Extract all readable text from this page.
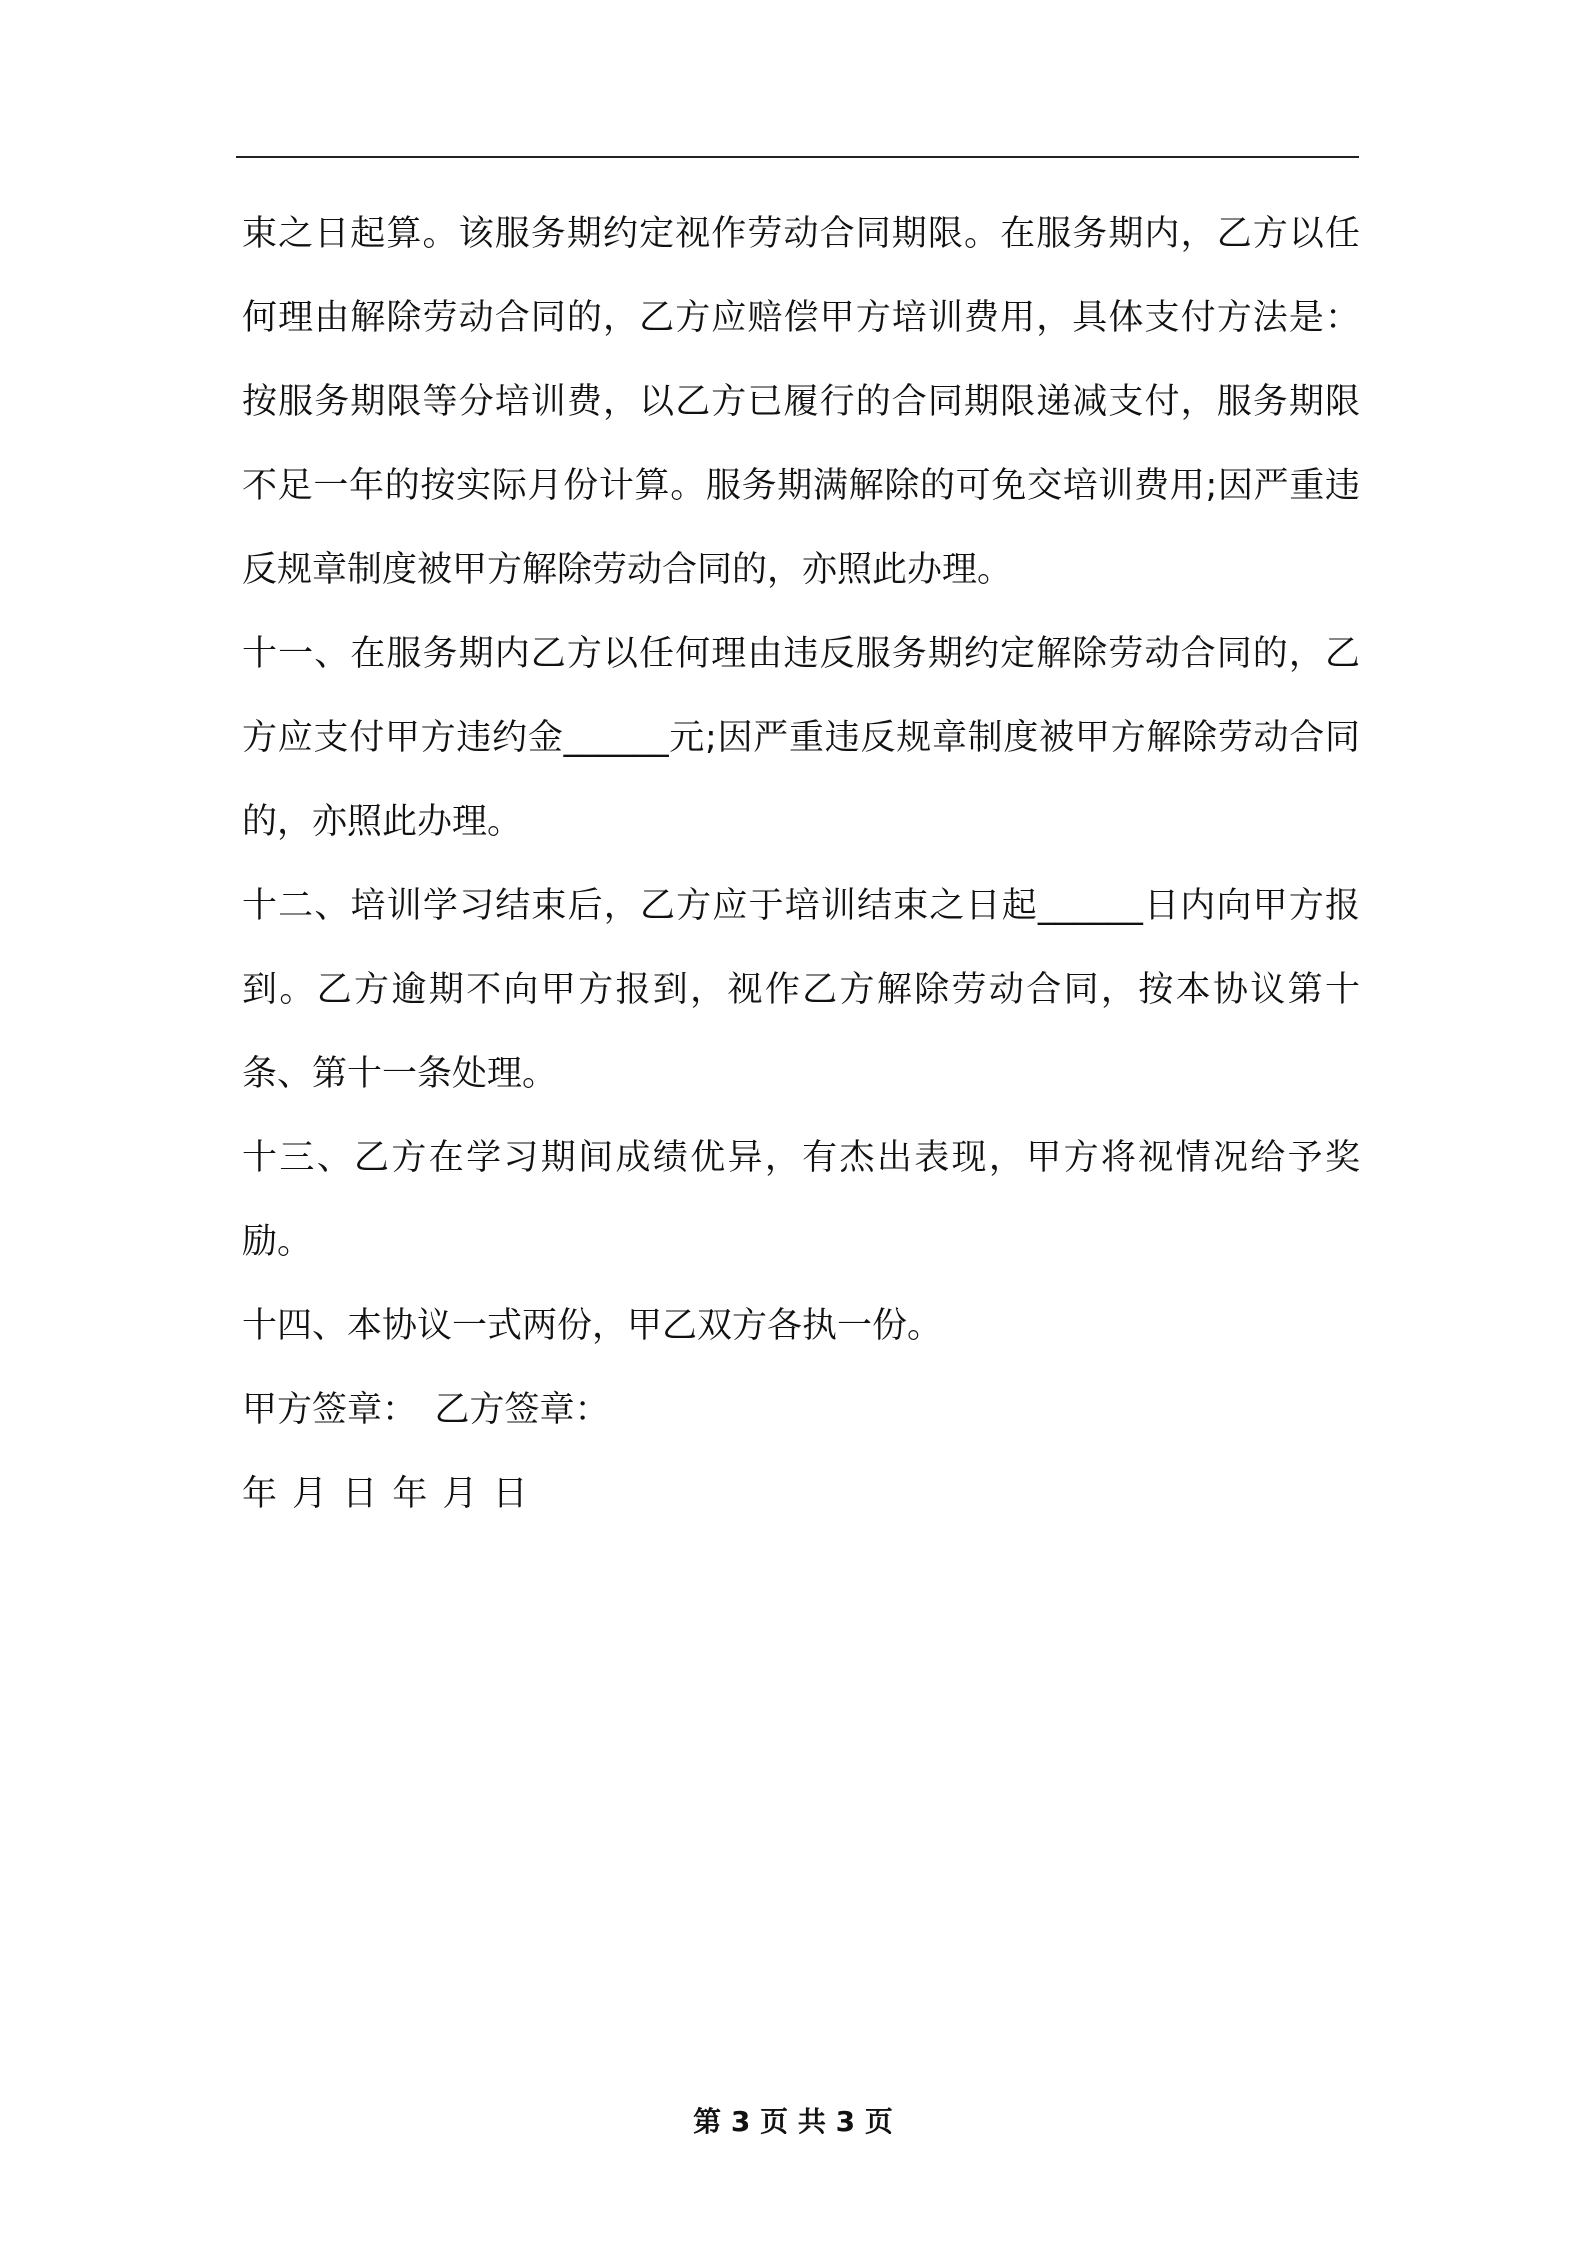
束之日起算。该服务期约定视作劳动合同期限。在服务期内，乙方以任何理由解除劳动合同的，乙方应赔偿甲方培训费用，具体支付方法是：按服务期限等分培训费，以乙方已履行的合同期限递减支付，服务期限不足一年的按实际月份计算。服务期满解除的可免交培训费用;因严重违反规章制度被甲方解除劳动合同的，亦照此办理。

十一、在服务期内乙方以任何理由违反服务期约定解除劳动合同的，乙方应支付甲方违约金______元;因严重违反规章制度被甲方解除劳动合同的，亦照此办理。

十二、培训学习结束后，乙方应于培训结束之日起______日内向甲方报到。乙方逾期不向甲方报到，视作乙方解除劳动合同，按本协议第十条、第十一条处理。

十三、乙方在学习期间成绩优异，有杰出表现，甲方将视情况给予奖励。

十四、本协议一式两份，甲乙双方各执一份。

甲方签章：　乙方签章：

年 月 日 年 月 日

第 3 页 共 3 页
